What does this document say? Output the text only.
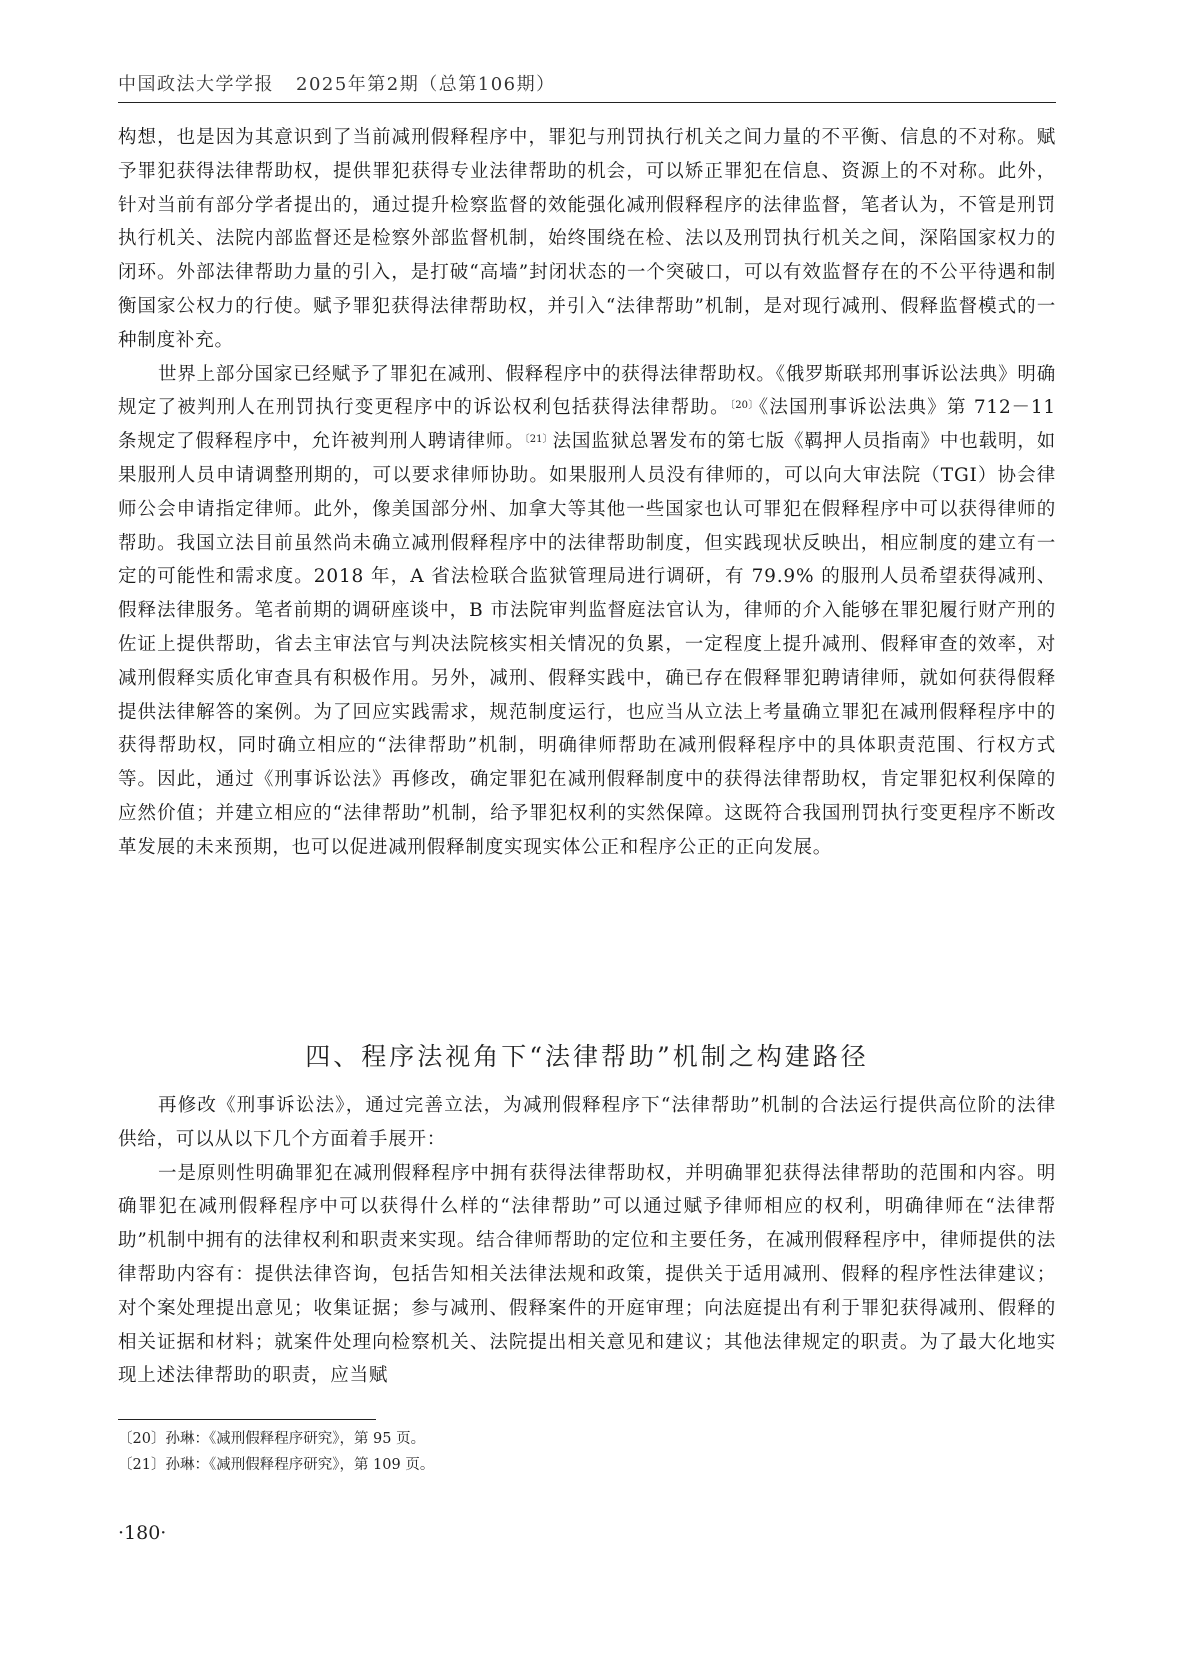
中国政法大学学报 2025年第2期（总第106期）

构想，也是因为其意识到了当前减刑假释程序中，罪犯与刑罚执行机关之间力量的不平衡、信息的不对称。赋予罪犯获得法律帮助权，提供罪犯获得专业法律帮助的机会，可以矫正罪犯在信息、资源上的不对称。此外，针对当前有部分学者提出的，通过提升检察监督的效能强化减刑假释程序的法律监督，笔者认为，不管是刑罚执行机关、法院内部监督还是检察外部监督机制，始终围绕在检、法以及刑罚执行机关之间，深陷国家权力的闭环。外部法律帮助力量的引入，是打破“高墙”封闭状态的一个突破口，可以有效监督存在的不公平待遇和制衡国家公权力的行使。赋予罪犯获得法律帮助权，并引入“法律帮助”机制，是对现行减刑、假释监督模式的一种制度补充。

世界上部分国家已经赋予了罪犯在减刑、假释程序中的获得法律帮助权。《俄罗斯联邦刑事诉讼法典》明确规定了被判刑人在刑罚执行变更程序中的诉讼权利包括获得法律帮助。$^{〔20〕}$《法国刑事诉讼法典》第 712－11 条规定了假释程序中，允许被判刑人聘请律师。$^{〔21〕}$法国监狱总署发布的第七版《羁押人员指南》中也载明，如果服刑人员申请调整刑期的，可以要求律师协助。如果服刑人员没有律师的，可以向大审法院（TGI）协会律师公会申请指定律师。此外，像美国部分州、加拿大等其他一些国家也认可罪犯在假释程序中可以获得律师的帮助。我国立法目前虽然尚未确立减刑假释程序中的法律帮助制度，但实践现状反映出，相应制度的建立有一定的可能性和需求度。2018 年，A 省法检联合监狱管理局进行调研，有 79.9% 的服刑人员希望获得减刑、假释法律服务。笔者前期的调研座谈中，B 市法院审判监督庭法官认为，律师的介入能够在罪犯履行财产刑的佐证上提供帮助，省去主审法官与判决法院核实相关情况的负累，一定程度上提升减刑、假释审查的效率，对减刑假释实质化审查具有积极作用。另外，减刑、假释实践中，确已存在假释罪犯聘请律师，就如何获得假释提供法律解答的案例。为了回应实践需求，规范制度运行，也应当从立法上考量确立罪犯在减刑假释程序中的获得帮助权，同时确立相应的“法律帮助”机制，明确律师帮助在减刑假释程序中的具体职责范围、行权方式等。因此，通过《刑事诉讼法》再修改，确定罪犯在减刑假释制度中的获得法律帮助权，肯定罪犯权利保障的应然价值；并建立相应的“法律帮助”机制，给予罪犯权利的实然保障。这既符合我国刑罚执行变更程序不断改革发展的未来预期，也可以促进减刑假释制度实现实体公正和程序公正的正向发展。

四、程序法视角下“法律帮助”机制之构建路径

再修改《刑事诉讼法》，通过完善立法，为减刑假释程序下“法律帮助”机制的合法运行提供高位阶的法律供给，可以从以下几个方面着手展开：

一是原则性明确罪犯在减刑假释程序中拥有获得法律帮助权，并明确罪犯获得法律帮助的范围和内容。明确罪犯在减刑假释程序中可以获得什么样的“法律帮助”可以通过赋予律师相应的权利，明确律师在“法律帮助”机制中拥有的法律权利和职责来实现。结合律师帮助的定位和主要任务，在减刑假释程序中，律师提供的法律帮助内容有：提供法律咨询，包括告知相关法律法规和政策，提供关于适用减刑、假释的程序性法律建议；对个案处理提出意见；收集证据；参与减刑、假释案件的开庭审理；向法庭提出有利于罪犯获得减刑、假释的相关证据和材料；就案件处理向检察机关、法院提出相关意见和建议；其他法律规定的职责。为了最大化地实现上述法律帮助的职责，应当赋

〔20〕孙琳：《减刑假释程序研究》，第 95 页。
〔21〕孙琳：《减刑假释程序研究》，第 109 页。
·180·
